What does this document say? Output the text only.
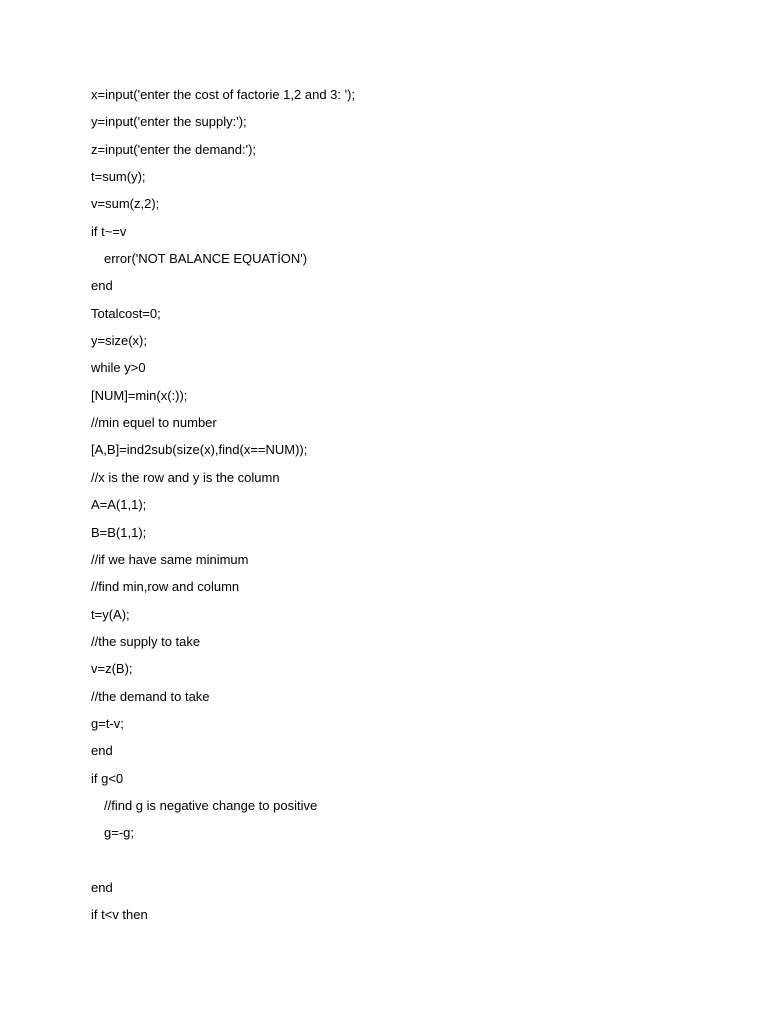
x=input('enter the cost of factorie 1,2 and 3: ');
y=input('enter the supply:');
z=input('enter the demand:');
t=sum(y);
v=sum(z,2);
if t~=v
error('NOT BALANCE EQUATİON')
end
Totalcost=0;
y=size(x);
while y>0
[NUM]=min(x(:));
//min equel to number
[A,B]=ind2sub(size(x),find(x==NUM));
//x is the row and y is the column
A=A(1,1);
B=B(1,1);
//if we have same minimum
//find min,row and column
t=y(A);
//the supply to take
v=z(B);
//the demand to take
g=t-v;
end
if g<0
//find g is negative change to positive
g=-g;
end
if t<v then
